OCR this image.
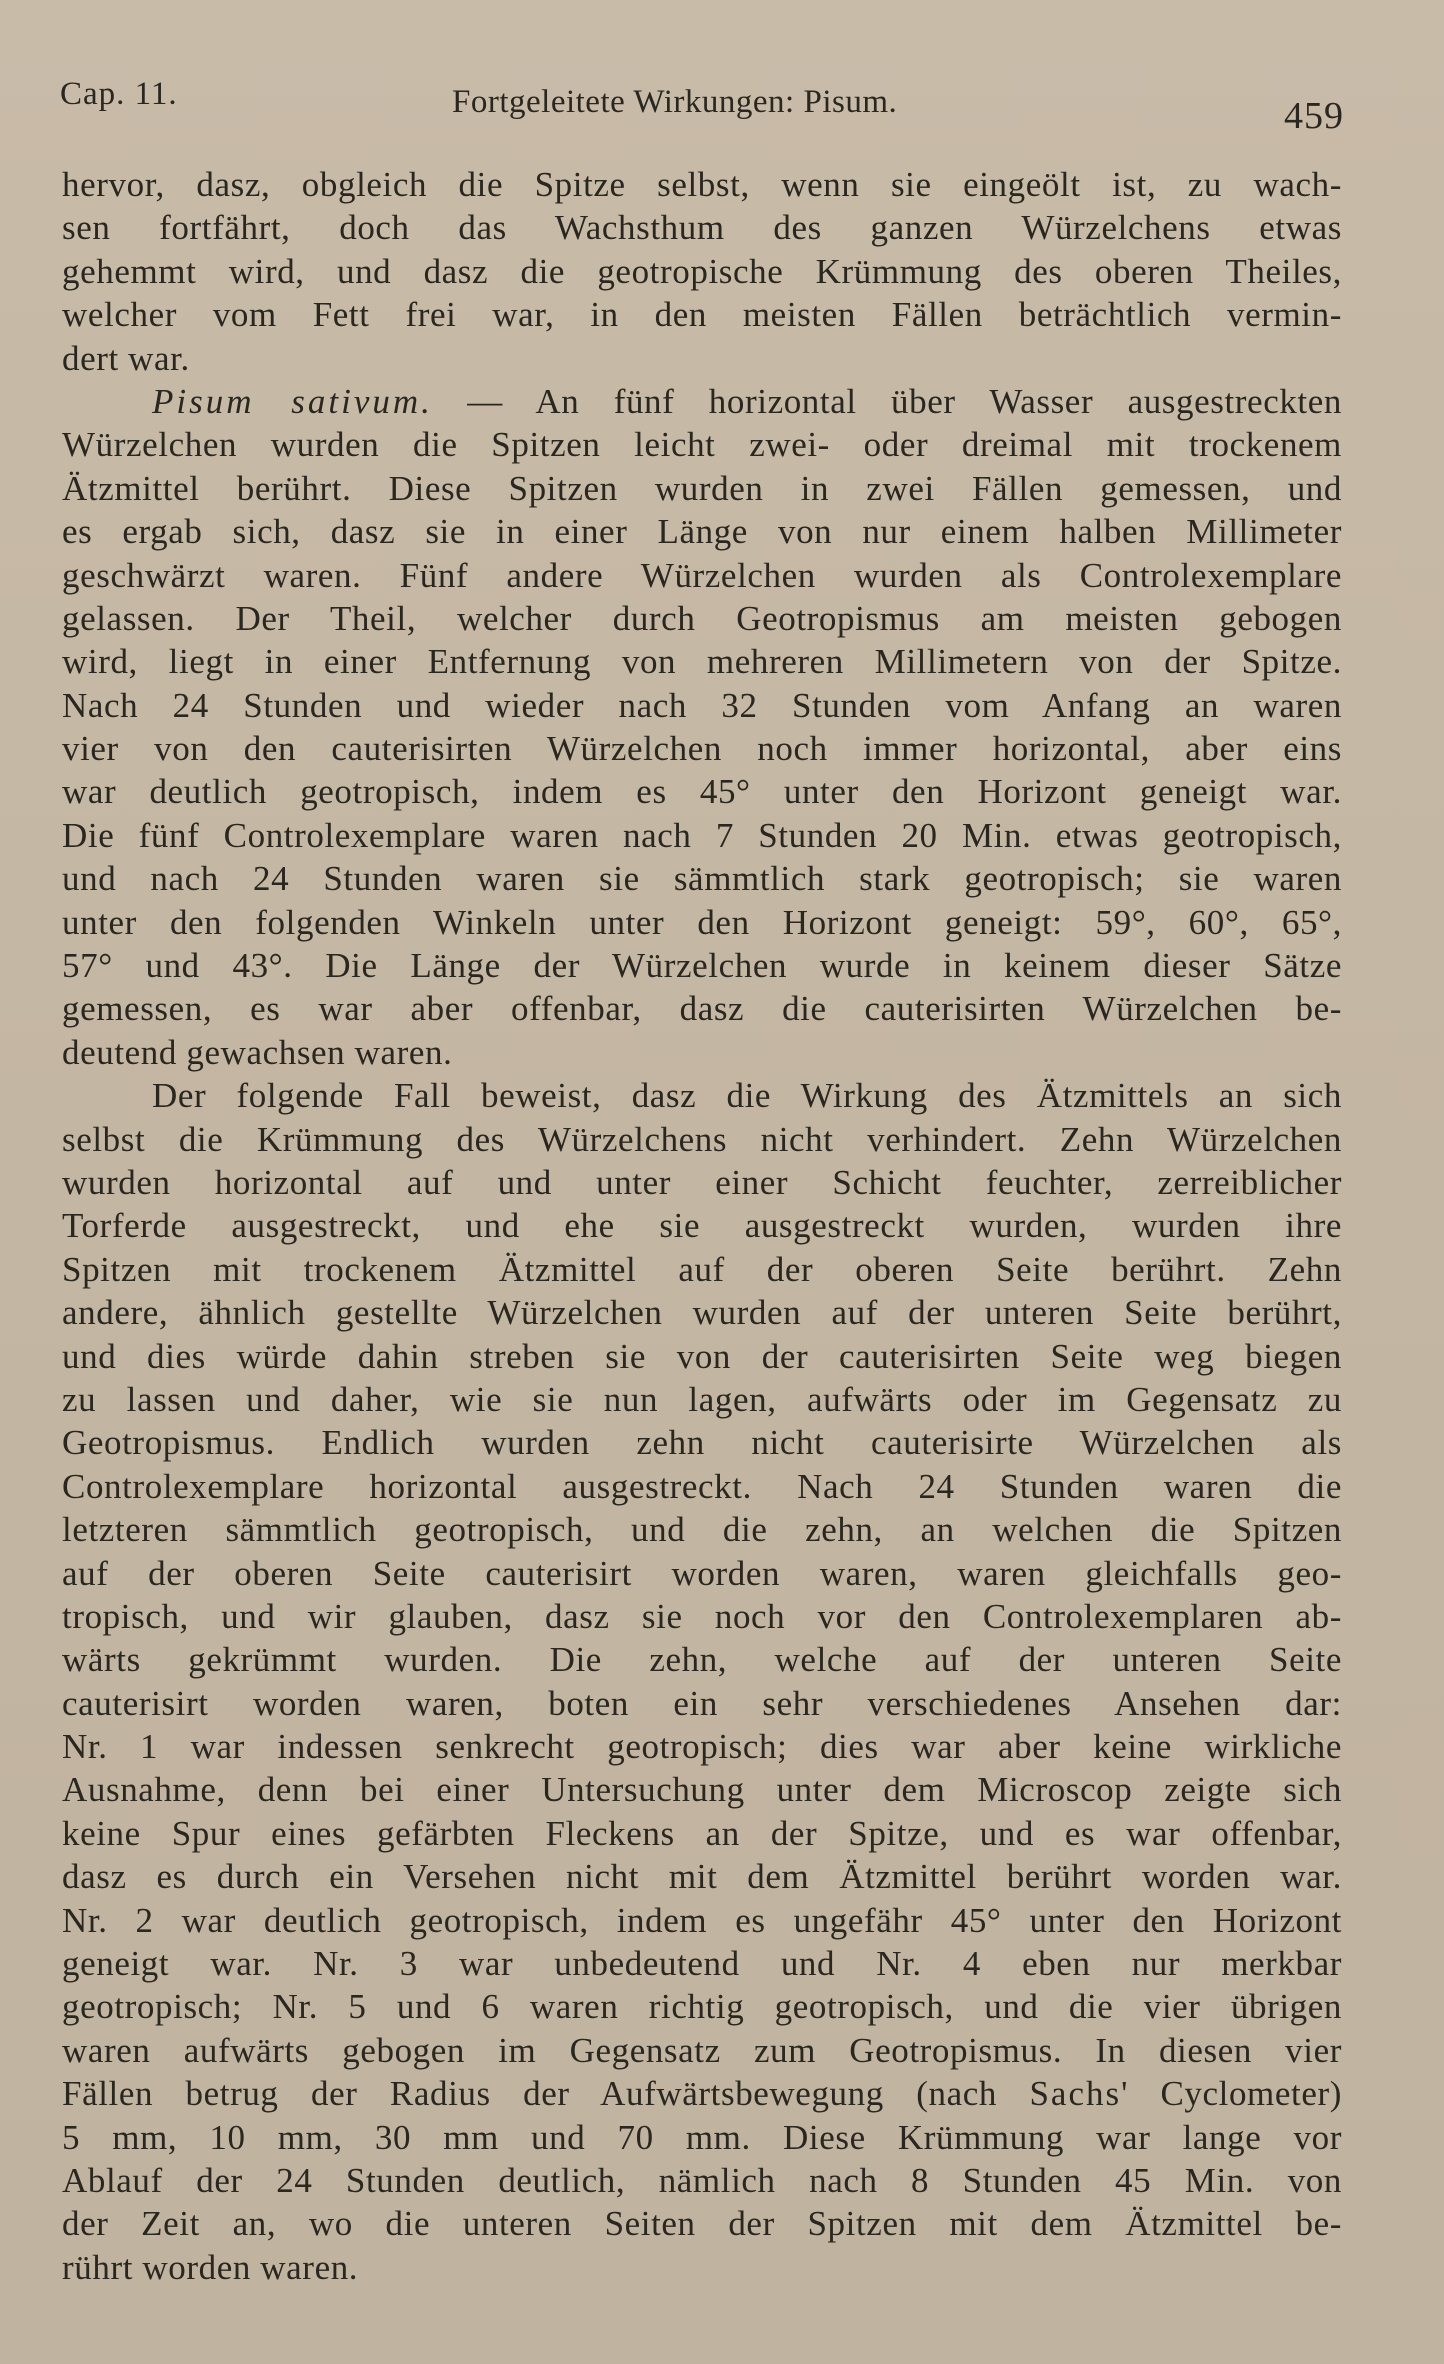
Cap. 11.	Fortgeleitete Wirkungen: Pisum.	459
hervor, dasz, obgleich die Spitze selbst, wenn sie eingeölt ist, zu wach-
sen fortfährt, doch das Wachsthum des ganzen Würzelchens etwas
gehemmt wird, und dasz die geotropische Krümmung des oberen Theiles,
welcher vom Fett frei war, in den meisten Fällen beträchtlich vermin-
dert war.
Pisum sativum. — An fünf horizontal über Wasser ausgestreckten
Würzelchen wurden die Spitzen leicht zwei- oder dreimal mit trockenem
Ätzmittel berührt. Diese Spitzen wurden in zwei Fällen gemessen, und
es ergab sich, dasz sie in einer Länge von nur einem halben Millimeter
geschwärzt waren. Fünf andere Würzelchen wurden als Controlexemplare
gelassen. Der Theil, welcher durch Geotropismus am meisten gebogen
wird, liegt in einer Entfernung von mehreren Millimetern von der Spitze.
Nach 24 Stunden und wieder nach 32 Stunden vom Anfang an waren
vier von den cauterisirten Würzelchen noch immer horizontal, aber eins
war deutlich geotropisch, indem es 45° unter den Horizont geneigt war.
Die fünf Controlexemplare waren nach 7 Stunden 20 Min. etwas geotropisch,
und nach 24 Stunden waren sie sämmtlich stark geotropisch; sie waren
unter den folgenden Winkeln unter den Horizont geneigt: 59°, 60°, 65°,
57° und 43°. Die Länge der Würzelchen wurde in keinem dieser Sätze
gemessen, es war aber offenbar, dasz die cauterisirten Würzelchen be-
deutend gewachsen waren.
Der folgende Fall beweist, dasz die Wirkung des Ätzmittels an sich
selbst die Krümmung des Würzelchens nicht verhindert. Zehn Würzelchen
wurden horizontal auf und unter einer Schicht feuchter, zerreiblicher
Torferde ausgestreckt, und ehe sie ausgestreckt wurden, wurden ihre
Spitzen mit trockenem Ätzmittel auf der oberen Seite berührt. Zehn
andere, ähnlich gestellte Würzelchen wurden auf der unteren Seite berührt,
und dies würde dahin streben sie von der cauterisirten Seite weg biegen
zu lassen und daher, wie sie nun lagen, aufwärts oder im Gegensatz zu
Geotropismus. Endlich wurden zehn nicht cauterisirte Würzelchen als
Controlexemplare horizontal ausgestreckt. Nach 24 Stunden waren die
letzteren sämmtlich geotropisch, und die zehn, an welchen die Spitzen
auf der oberen Seite cauterisirt worden waren, waren gleichfalls geo-
tropisch, und wir glauben, dasz sie noch vor den Controlexemplaren ab-
wärts gekrümmt wurden. Die zehn, welche auf der unteren Seite
cauterisirt worden waren, boten ein sehr verschiedenes Ansehen dar:
Nr. 1 war indessen senkrecht geotropisch; dies war aber keine wirkliche
Ausnahme, denn bei einer Untersuchung unter dem Microscop zeigte sich
keine Spur eines gefärbten Fleckens an der Spitze, und es war offenbar,
dasz es durch ein Versehen nicht mit dem Ätzmittel berührt worden war.
Nr. 2 war deutlich geotropisch, indem es ungefähr 45° unter den Horizont
geneigt war. Nr. 3 war unbedeutend und Nr. 4 eben nur merkbar
geotropisch; Nr. 5 und 6 waren richtig geotropisch, und die vier übrigen
waren aufwärts gebogen im Gegensatz zum Geotropismus. In diesen vier
Fällen betrug der Radius der Aufwärtsbewegung (nach Sachs' Cyclometer)
5 mm, 10 mm, 30 mm und 70 mm. Diese Krümmung war lange vor
Ablauf der 24 Stunden deutlich, nämlich nach 8 Stunden 45 Min. von
der Zeit an, wo die unteren Seiten der Spitzen mit dem Ätzmittel be-
rührt worden waren.
